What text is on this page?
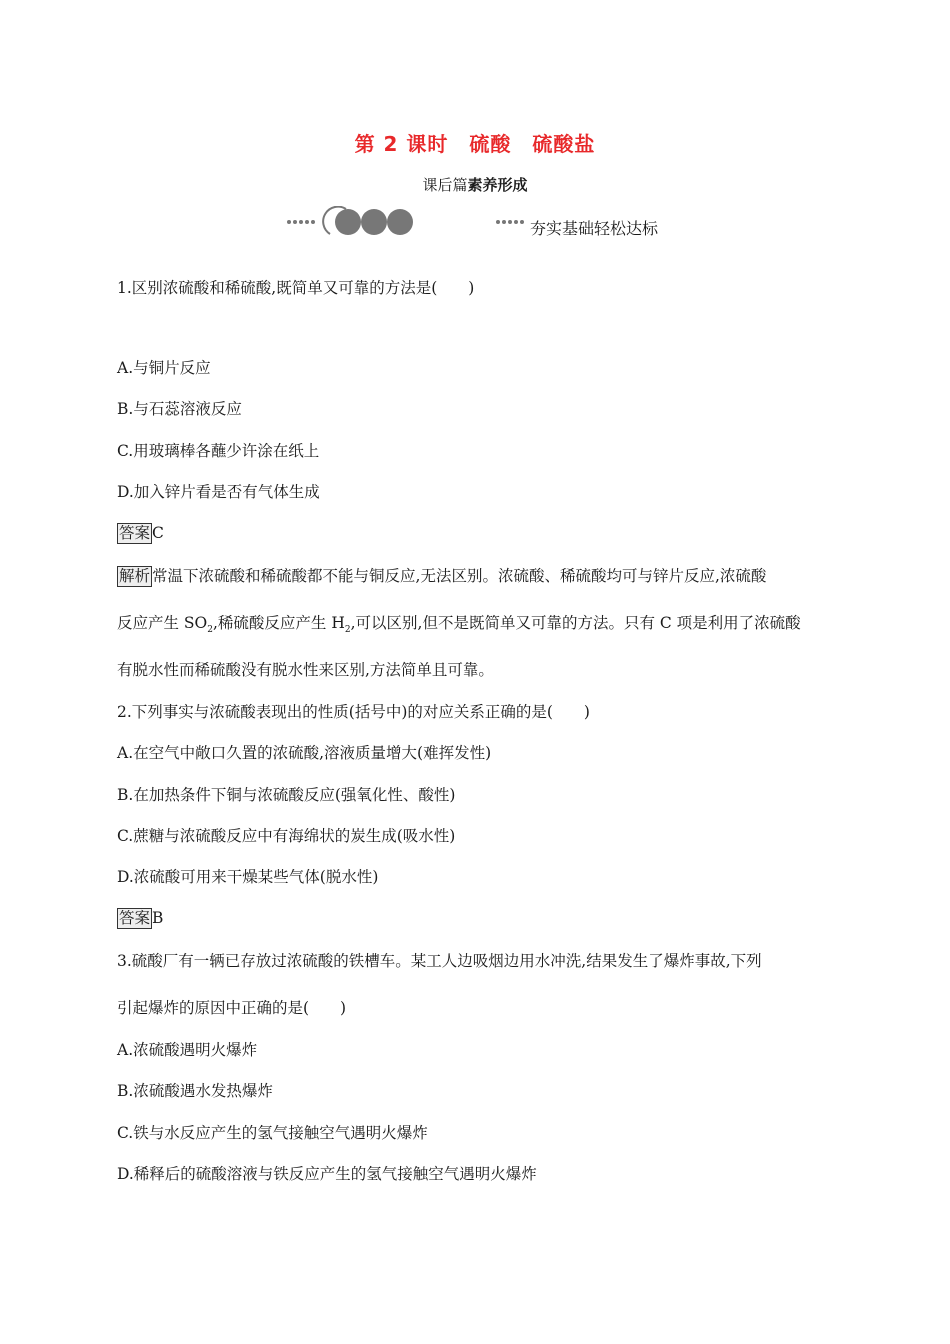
第 2 课时　硫酸　硫酸盐
课后篇素养形成
夯实基础轻松达标
1.区别浓硫酸和稀硫酸,既简单又可靠的方法是(　　)
A.与铜片反应
B.与石蕊溶液反应
C.用玻璃棒各蘸少许涂在纸上
D.加入锌片看是否有气体生成
答案 C
解析 常温下浓硫酸和稀硫酸都不能与铜反应,无法区别。浓硫酸、稀硫酸均可与锌片反应,浓硫酸
反应产生 $SO_2$,稀硫酸反应产生 $H_2$,可以区别,但不是既简单又可靠的方法。只有 C 项是利用了浓硫酸
有脱水性而稀硫酸没有脱水性来区别,方法简单且可靠。
2.下列事实与浓硫酸表现出的性质(括号中)的对应关系正确的是(　　)
A.在空气中敞口久置的浓硫酸,溶液质量增大(难挥发性)
B.在加热条件下铜与浓硫酸反应(强氧化性、酸性)
C.蔗糖与浓硫酸反应中有海绵状的炭生成(吸水性)
D.浓硫酸可用来干燥某些气体(脱水性)
答案 B
3.硫酸厂有一辆已存放过浓硫酸的铁槽车。某工人边吸烟边用水冲洗,结果发生了爆炸事故,下列
引起爆炸的原因中正确的是(　　)
A.浓硫酸遇明火爆炸
B.浓硫酸遇水发热爆炸
C.铁与水反应产生的氢气接触空气遇明火爆炸
D.稀释后的硫酸溶液与铁反应产生的氢气接触空气遇明火爆炸
